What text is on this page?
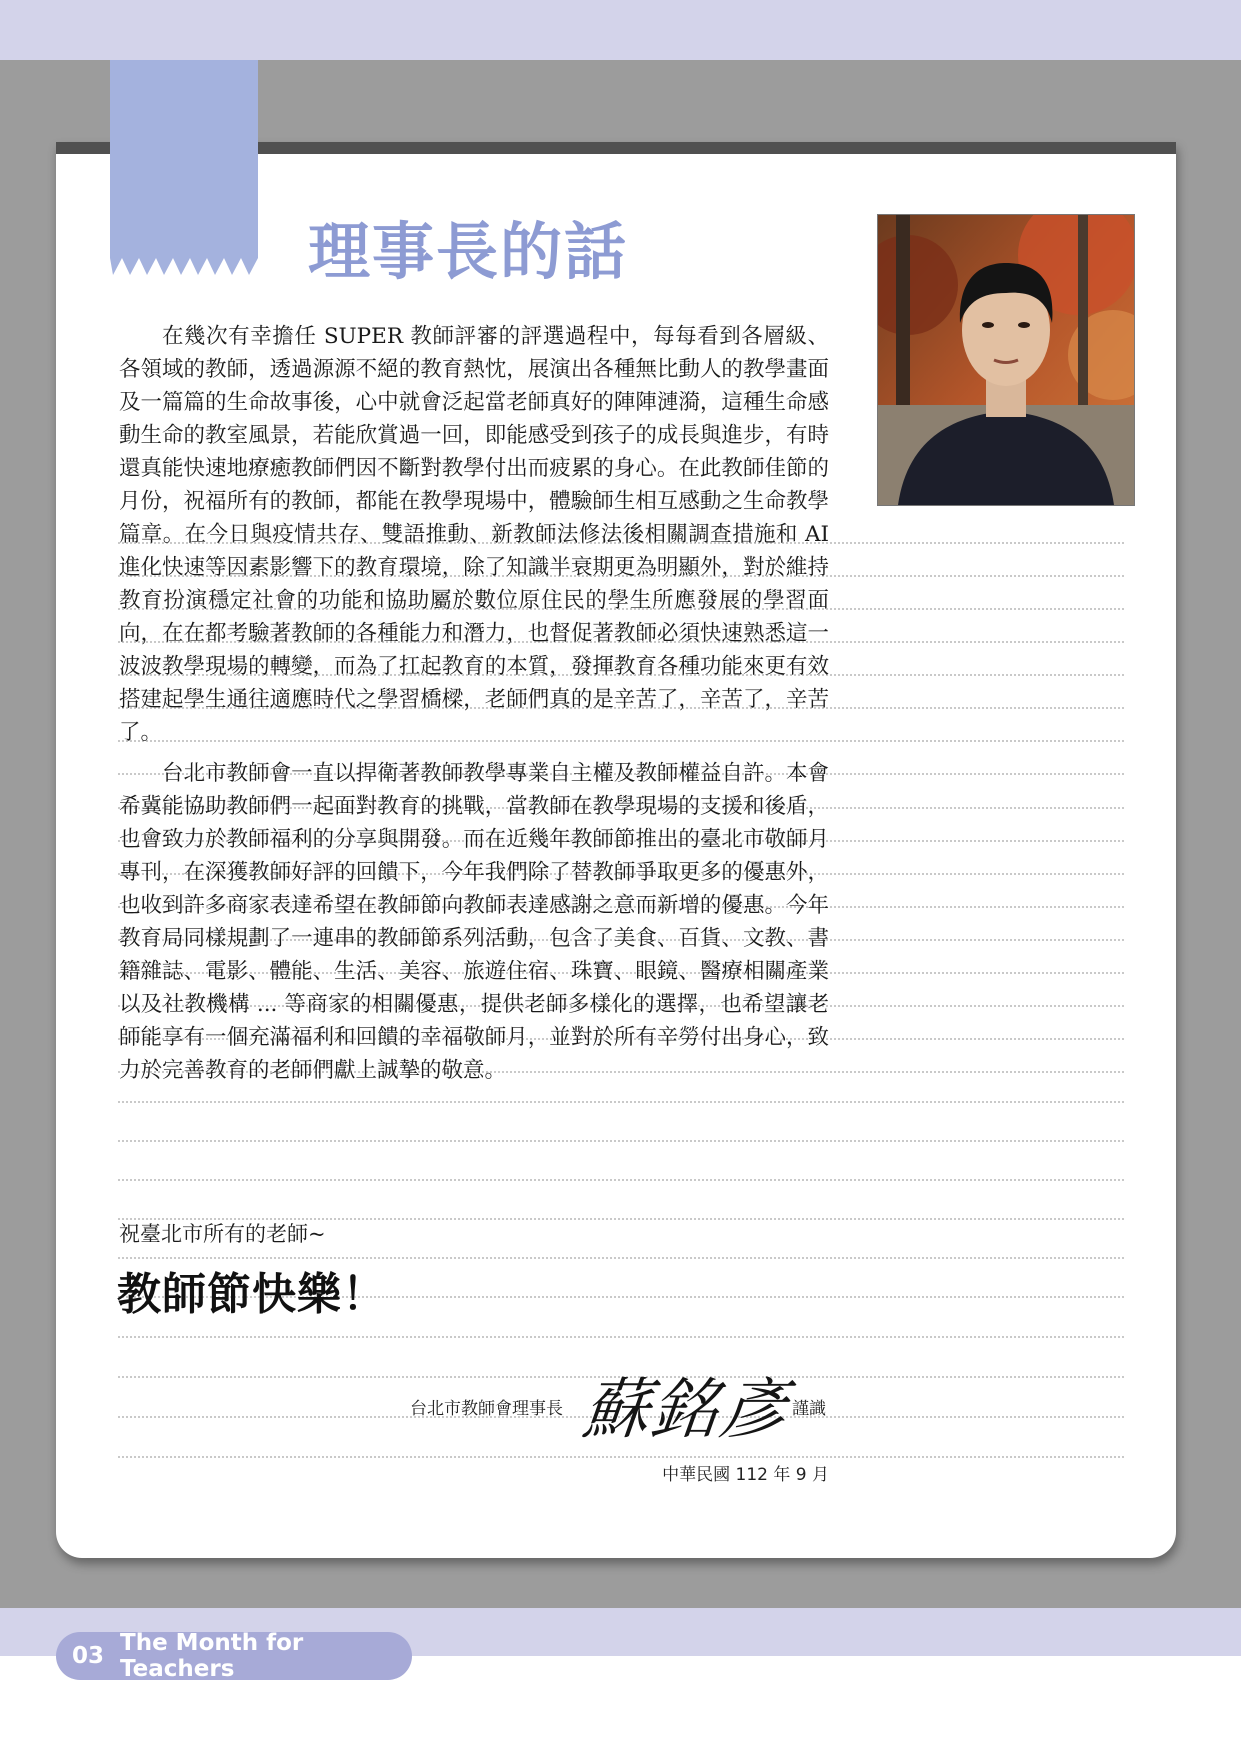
理事長的話

在幾次有幸擔任 SUPER 教師評審的評選過程中，每每看到各層級、各領域的教師，透過源源不絕的教育熱忱，展演出各種無比動人的教學畫面及一篇篇的生命故事後，心中就會泛起當老師真好的陣陣漣漪，這種生命感動生命的教室風景，若能欣賞過一回，即能感受到孩子的成長與進步，有時還真能快速地療癒教師們因不斷對教學付出而疲累的身心。在此教師佳節的月份，祝福所有的教師，都能在教學現場中，體驗師生相互感動之生命教學篇章。在今日與疫情共存、雙語推動、新教師法修法後相關調查措施和 AI 進化快速等因素影響下的教育環境，除了知識半衰期更為明顯外，對於維持教育扮演穩定社會的功能和協助屬於數位原住民的學生所應發展的學習面向，在在都考驗著教師的各種能力和潛力，也督促著教師必須快速熟悉這一波波教學現場的轉變，而為了扛起教育的本質，發揮教育各種功能來更有效搭建起學生通往適應時代之學習橋樑，老師們真的是辛苦了，辛苦了，辛苦了。

台北市教師會一直以捍衛著教師教學專業自主權及教師權益自許。本會希冀能協助教師們一起面對教育的挑戰，當教師在教學現場的支援和後盾，也會致力於教師福利的分享與開發。而在近幾年教師節推出的臺北市敬師月專刊，在深獲教師好評的回饋下，今年我們除了替教師爭取更多的優惠外，也收到許多商家表達希望在教師節向教師表達感謝之意而新增的優惠。今年教育局同樣規劃了一連串的教師節系列活動，包含了美食、百貨、文教、書籍雜誌、電影、體能、生活、美容、旅遊住宿、珠寶、眼鏡、醫療相關產業以及社教機構 ... 等商家的相關優惠，提供老師多樣化的選擇，也希望讓老師能享有一個充滿福利和回饋的幸福敬師月，並對於所有辛勞付出身心，致力於完善教育的老師們獻上誠摯的敬意。

祝臺北市所有的老師~
教師節快樂！
台北市教師會理事長 蘇銘彥 謹識
中華民國 112 年 9 月
03 The Month for Teachers
